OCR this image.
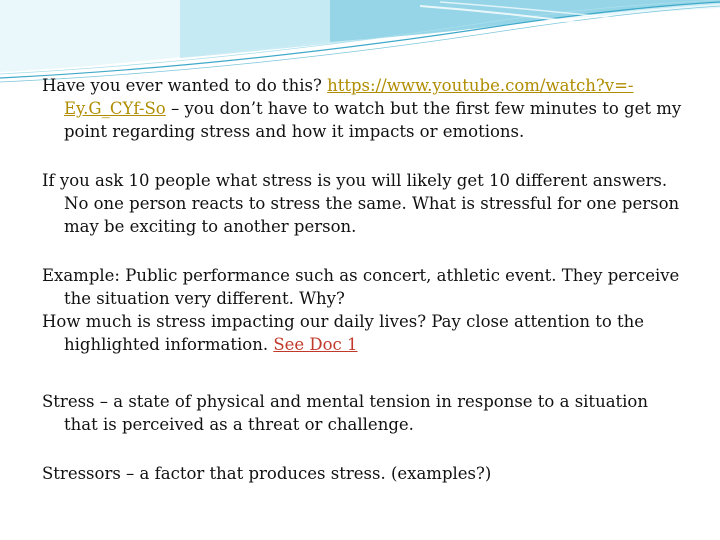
Have you ever wanted to do this? https://www.youtube.com/watch?v=-Ey.G_CYf-So – you don’t have to watch but the first few minutes to get my point regarding stress and how it impacts or emotions.

If you ask 10 people what stress is you will likely get 10 different answers. No one person reacts to stress the same. What is stressful for one person may be exciting to another person.

Example: Public performance such as concert, athletic event. They perceive the situation very different. Why?

How much is stress impacting our daily lives? Pay close attention to the highlighted information. See Doc 1

Stress – a state of physical and mental tension in response to a situation that is perceived as a threat or challenge.

Stressors – a factor that produces stress. (examples?)
